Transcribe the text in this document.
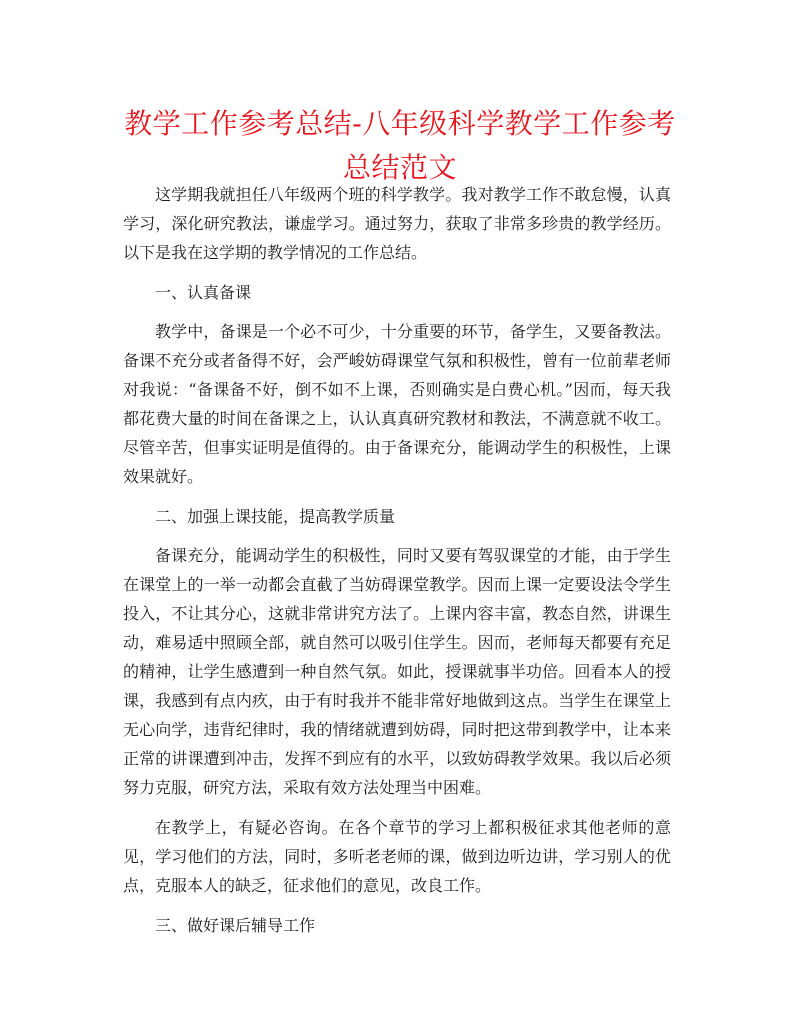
教学工作参考总结-八年级科学教学工作参考总结范文

这学期我就担任八年级两个班的科学教学。我对教学工作不敢怠慢，认真学习，深化研究教法，谦虚学习。通过努力，获取了非常多珍贵的教学经历。以下是我在这学期的教学情况的工作总结。

一、认真备课

教学中，备课是一个必不可少，十分重要的环节，备学生，又要备教法。备课不充分或者备得不好，会严峻妨碍课堂气氛和积极性，曾有一位前辈老师对我说：“备课备不好，倒不如不上课，否则确实是白费心机。”因而，每天我都花费大量的时间在备课之上，认认真真研究教材和教法，不满意就不收工。尽管辛苦，但事实证明是值得的。由于备课充分，能调动学生的积极性，上课效果就好。

二、加强上课技能，提高教学质量

备课充分，能调动学生的积极性，同时又要有驾驭课堂的才能，由于学生在课堂上的一举一动都会直截了当妨碍课堂教学。因而上课一定要设法令学生投入，不让其分心，这就非常讲究方法了。上课内容丰富，教态自然，讲课生动，难易适中照顾全部，就自然可以吸引住学生。因而，老师每天都要有充足的精神，让学生感遭到一种自然气氛。如此，授课就事半功倍。回看本人的授课，我感到有点内疚，由于有时我并不能非常好地做到这点。当学生在课堂上无心向学，违背纪律时，我的情绪就遭到妨碍，同时把这带到教学中，让本来正常的讲课遭到冲击，发挥不到应有的水平，以致妨碍教学效果。我以后必须努力克服，研究方法，采取有效方法处理当中困难。

在教学上，有疑必咨询。在各个章节的学习上都积极征求其他老师的意见，学习他们的方法，同时，多听老老师的课，做到边听边讲，学习别人的优点，克服本人的缺乏，征求他们的意见，改良工作。

三、做好课后辅导工作
